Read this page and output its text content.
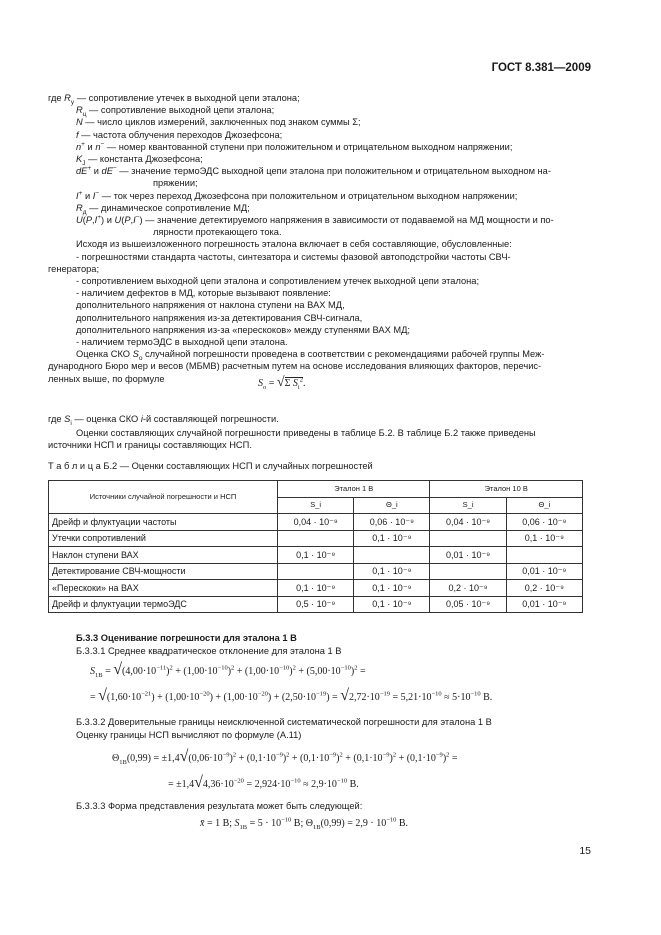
ГОСТ 8.381—2009
где $R_у$ — сопротивление утечек в выходной цепи эталона;
$R_ц$ — сопротивление выходной цепи эталона;
N — число циклов измерений, заключенных под знаком суммы Σ;
f — частота облучения переходов Джозефсона;
n+ и n− — номер квантованной ступени при положительном и отрицательном выходном напряжении;
$K_J$ — константа Джозефсона;
dE+ и dE− — значение термоЭДС выходной цепи эталона при положительном и отрицательном выходном на-
пряжении;
I+ и I− — ток через переход Джозефсона при положительном и отрицательном выходном напряжении;
$R_д$ — динамическое сопротивление МД;
U(P,I+) и U(P,I−) — значение детектируемого напряжения в зависимости от подаваемой на МД мощности и по-
лярности протекающего тока.
Исходя из вышеизложенного погрешность эталона включает в себя составляющие, обусловленные:
- погрешностями стандарта частоты, синтезатора и системы фазовой автоподстройки частоты СВЧ-
генератора;
- сопротивлением выходной цепи эталона и сопротивлением утечек выходной цепи эталона;
- наличием дефектов в МД, которые вызывают появление:
дополнительного напряжения от наклона ступени на ВАХ МД,
дополнительного напряжения из-за детектирования СВЧ-сигнала,
дополнительного напряжения из-за «перескоков» между ступенями ВАХ МД;
- наличием термоЭДС в выходной цепи эталона.
Оценка СКО $S_о$ случайной погрешности проведена в соответствии с рекомендациями рабочей группы Меж-
дународного Бюро мер и весов (МБМВ) расчетным путем на основе исследования влияющих факторов, перечис-
ленных выше, по формуле	$S_о = √\Sigma$ $S_i^2$.
где $S_i$ — оценка СКО i-й составляющей погрешности.
Оценки составляющих случайной погрешности приведены в таблице Б.2. В таблице Б.2 также приведены
источники НСП и границы составляющих НСП.
Т а б л и ц а Б.2 — Оценки составляющих НСП и случайных погрешностей
Источники случайной погрешности и НСП	Эталон 1 В		Эталон 10 В	
	S_i	Θ_i	S_i	Θ_i
Дрейф и флуктуации частоты	0,04 · 10⁻⁹	0,06 · 10⁻⁹	0,04 · 10⁻⁹	0,06 · 10⁻⁹
Утечки сопротивлений		0,1 · 10⁻⁹		0,1 · 10⁻⁹
Наклон ступени ВАХ	0,1 · 10⁻⁹		0,01 · 10⁻⁹	
Детектирование СВЧ-мощности		0,1 · 10⁻⁹		0,01 · 10⁻⁹
«Перескоки» на ВАХ	0,1 · 10⁻⁹	0,1 · 10⁻⁹	0,2 · 10⁻⁹	0,2 · 10⁻⁹
Дрейф и флуктуации термоЭДС	0,5 · 10⁻⁹	0,1 · 10⁻⁹	0,05 · 10⁻⁹	0,01 · 10⁻⁹
Б.3.3 Оценивание погрешности для эталона 1 В
Б.3.3.1 Среднее квадратическое отклонение для эталона 1 В
$S_{1В} = √(4,00\cdot 10^{-11})^2 + (1,00\cdot 10^{-10})^2 + (1,00\cdot 10^{-10})^2 + (5,00\cdot 10^{-10})^2$ =
= $√(1,60\cdot 10^{-21}) + (1,00\cdot 10^{-20}) + (1,00\cdot 10^{-20}) + (2,50\cdot 10^{-19}) = √2,72\cdot 10^{-19} = 5,21\cdot 10^{-10} \approx 5\cdot 10^{-10}$ В.
Б.3.3.2 Доверительные границы неисключенной систематической погрешности для эталона 1 В
Оценку границы НСП вычисляют по формуле (А.11)
$\Theta_{1В}(0,99) = \pm 1,4√(0,06\cdot 10^{-9})^2 + (0,1\cdot 10^{-9})^2 + (0,1\cdot 10^{-9})^2 + (0,1\cdot 10^{-9})^2 + (0,1\cdot 10^{-9})^2$ =
= $\pm 1,4√4,36\cdot 10^{-20} = 2,924\cdot 10^{-10} \approx 2,9\cdot 10^{-10}$ В.
Б.3.3.3 Форма представления результата может быть следующей:
x̄ = 1 В; $S_{1В} = 5 \cdot 10^{-10}$ В; $\Theta_{1В}(0,99) = 2,9 \cdot 10^{-10}$ В.
15
